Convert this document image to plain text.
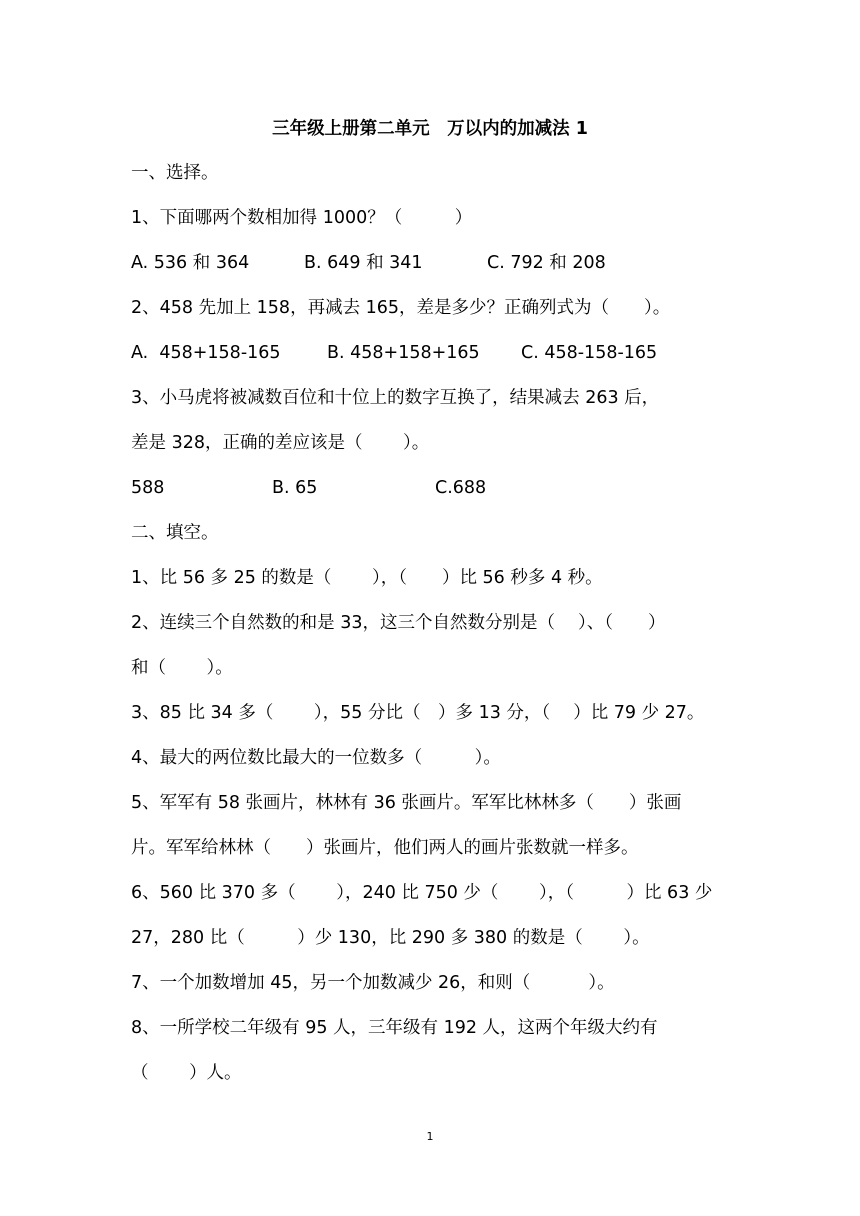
三年级上册第二单元　万以内的加减法 1
一、选择。
1、下面哪两个数相加得 1000？（　　　）
A. 536 和 364	B. 649 和 341	C. 792 和 208
2、458 先加上 158，再减去 165，差是多少？正确列式为（　　）。
A.  458+158-165	B. 458+158+165 C. 458-158-165
3、小马虎将被减数百位和十位上的数字互换了，结果减去 263 后，
差是 328，正确的差应该是（　　 ）。
588	B. 65	C.688
二、填空。
1、比 56 多 25 的数是（　　 ），（　　）比 56 秒多 4 秒。
2、连续三个自然数的和是 33，这三个自然数分别是（　 ）、（　　）
和（　　 ）。
3、85 比 34 多（　　 ），55 分比（　）多 13 分，（　 ）比 79 少 27。
4、最大的两位数比最大的一位数多（　　　）。
5、军军有 58 张画片，林林有 36 张画片。军军比林林多（　　）张画
片。军军给林林（　　）张画片，他们两人的画片张数就一样多。
6、560 比 370 多（　　 ），240 比 750 少（　　 ），（　　　）比 63 少
27，280 比（　　　）少 130，比 290 多 380 的数是（　　 ）。
7、一个加数增加 45，另一个加数减少 26，和则（　　　 ）。
8、一所学校二年级有 95 人，三年级有 192 人，这两个年级大约有
（　　 ）人。
1
